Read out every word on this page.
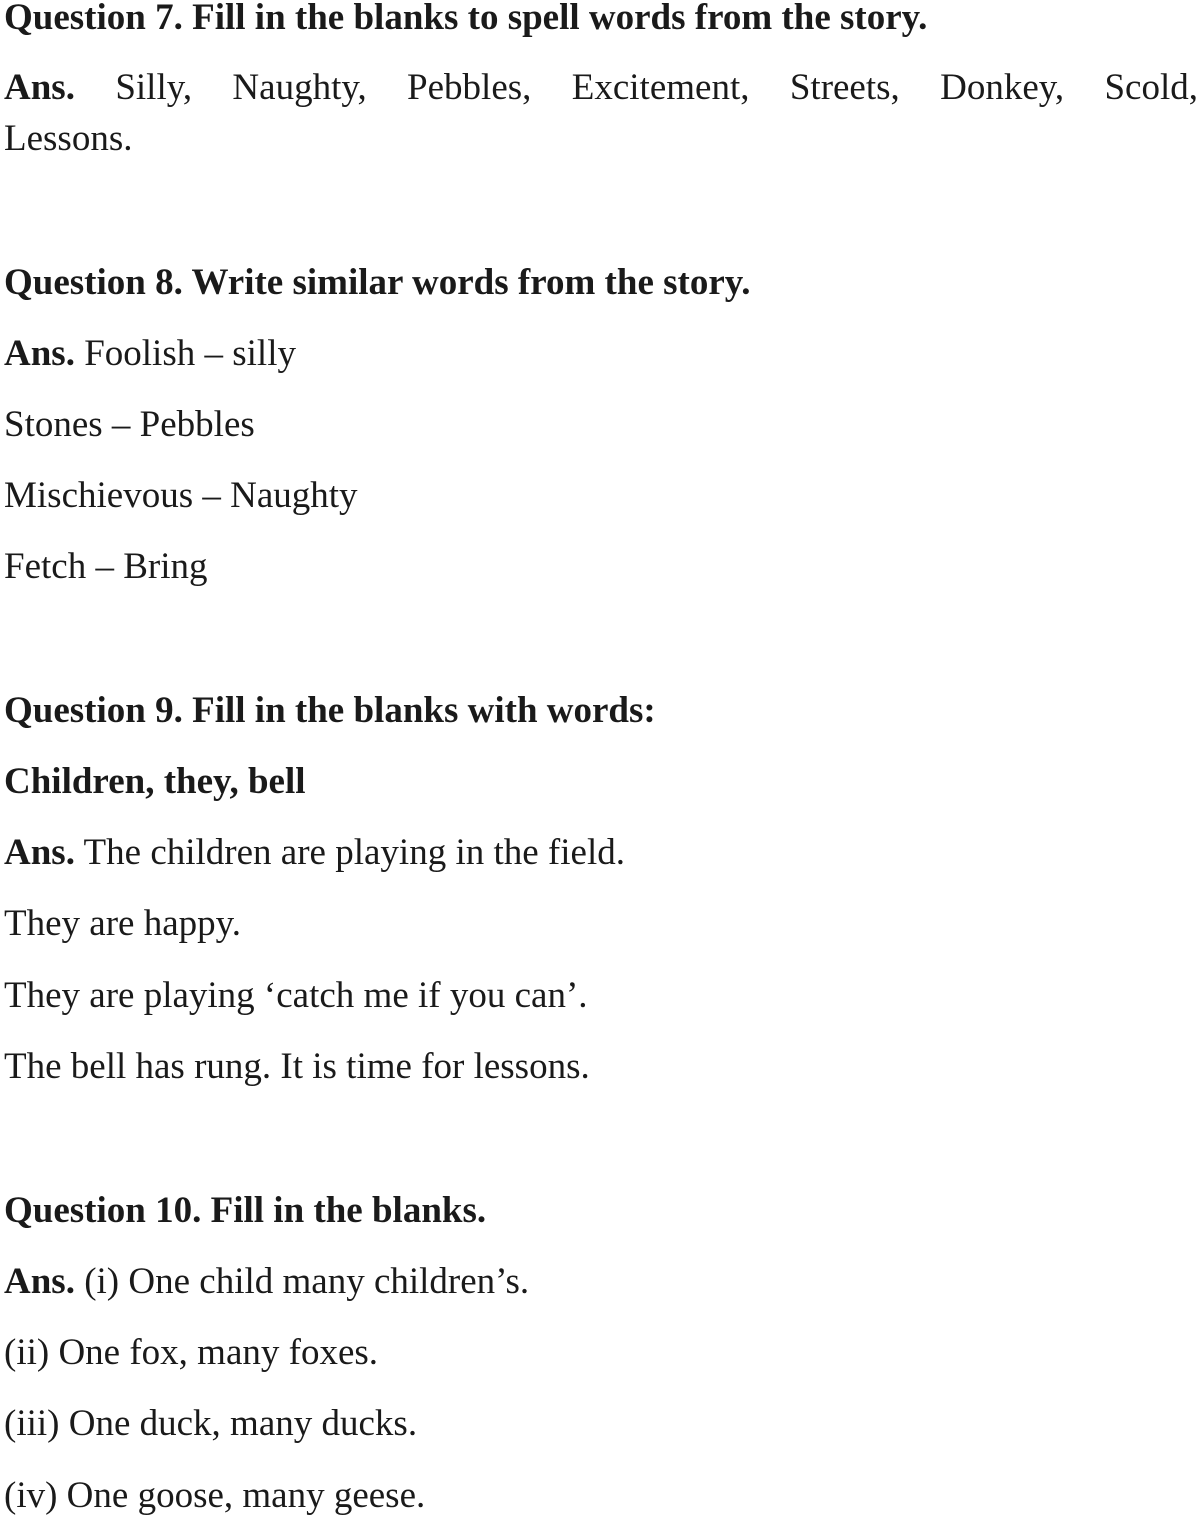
Question 7. Fill in the blanks to spell words from the story.
Ans. Silly, Naughty, Pebbles, Excitement, Streets, Donkey, Scold,
Lessons.
Question 8. Write similar words from the story.
Ans. Foolish – silly
Stones – Pebbles
Mischievous – Naughty
Fetch – Bring
Question 9. Fill in the blanks with words:
Children, they, bell
Ans. The children are playing in the field.
They are happy.
They are playing ‘catch me if you can’.
The bell has rung. It is time for lessons.
Question 10. Fill in the blanks.
Ans. (i) One child many children’s.
(ii) One fox, many foxes.
(iii) One duck, many ducks.
(iv) One goose, many geese.
